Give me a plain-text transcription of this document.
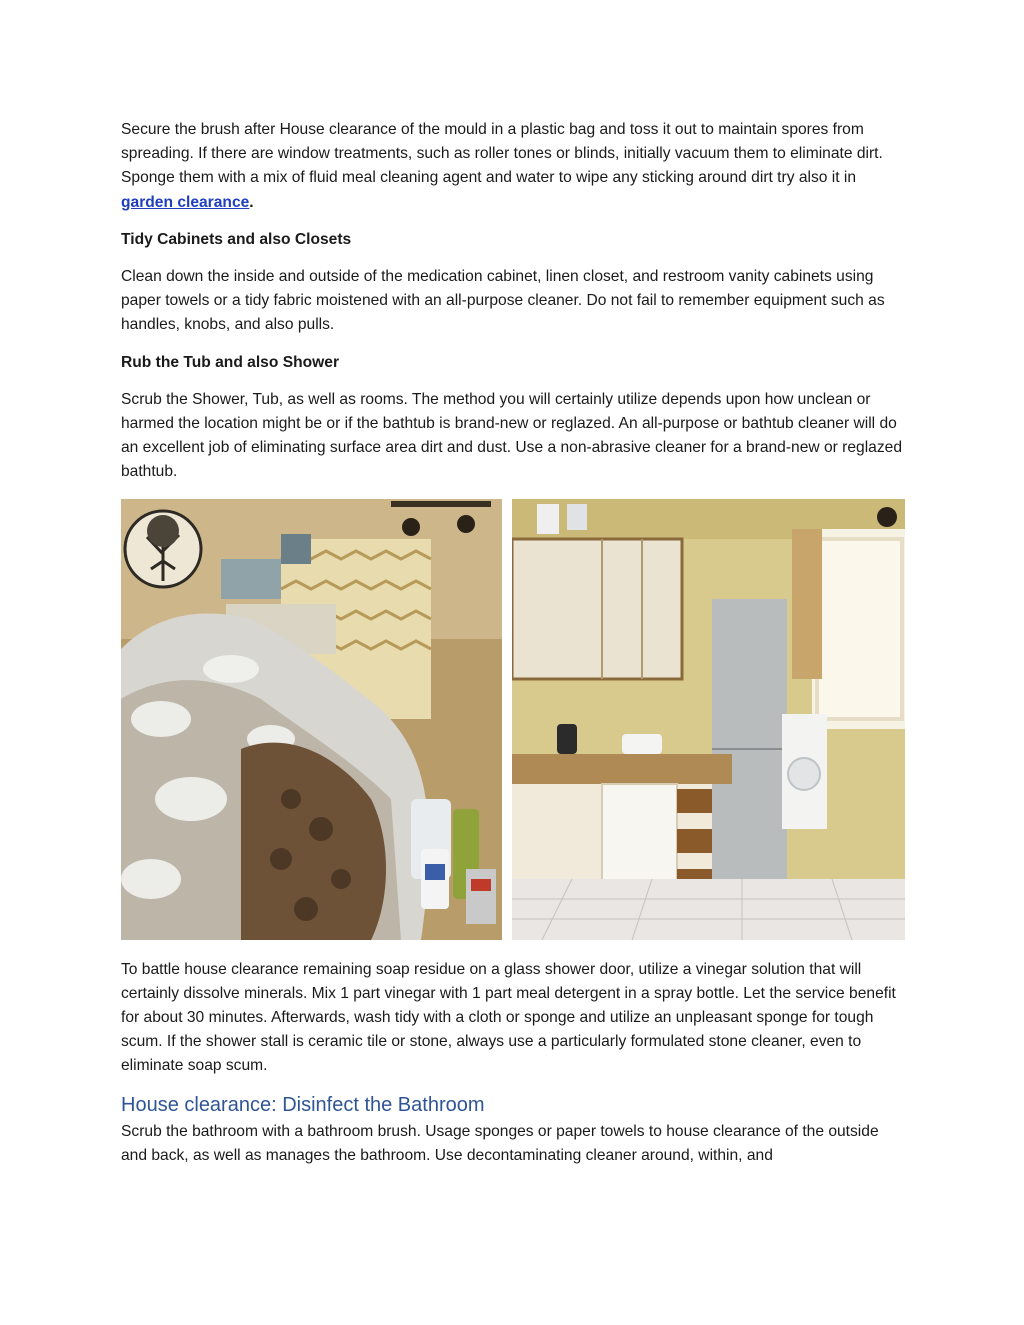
Secure the brush after House clearance of the mould in a plastic bag and toss it out to maintain spores from spreading. If there are window treatments, such as roller tones or blinds, initially vacuum them to eliminate dirt. Sponge them with a mix of fluid meal cleaning agent and water to wipe any sticking around dirt try also it in garden clearance.

Tidy Cabinets and also Closets

Clean down the inside and outside of the medication cabinet, linen closet, and restroom vanity cabinets using paper towels or a tidy fabric moistened with an all-purpose cleaner. Do not fail to remember equipment such as handles, knobs, and also pulls.

Rub the Tub and also Shower

Scrub the Shower, Tub, as well as rooms. The method you will certainly utilize depends upon how unclean or harmed the location might be or if the bathtub is brand-new or reglazed. An all-purpose or bathtub cleaner will do an excellent job of eliminating surface area dirt and dust. Use a non-abrasive cleaner for a brand-new or reglazed bathtub.

To battle house clearance remaining soap residue on a glass shower door, utilize a vinegar solution that will certainly dissolve minerals. Mix 1 part vinegar with 1 part meal detergent in a spray bottle. Let the service benefit for about 30 minutes. Afterwards, wash tidy with a cloth or sponge and utilize an unpleasant sponge for tough scum. If the shower stall is ceramic tile or stone, always use a particularly formulated stone cleaner, even to eliminate soap scum.

House clearance: Disinfect the Bathroom

Scrub the bathroom with a bathroom brush. Usage sponges or paper towels to house clearance of the outside and back, as well as manages the bathroom. Use decontaminating cleaner around, within, and
